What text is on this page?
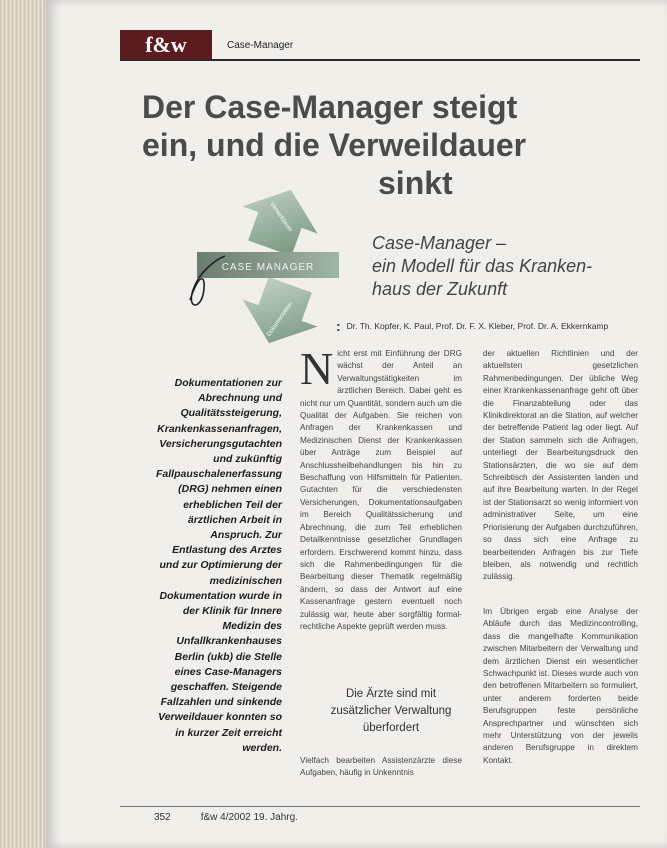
f&w	Case-Manager
Der Case-Manager steigt
ein, und die Verweildauer
sinkt
CASE MANAGER
Verweildauer
Dokumentation
Case-Manager –
ein Modell für das Kranken-
haus der Zukunft
: Dr. Th. Kopfer, K. Paul, Prof. Dr. F. X. Kleber, Prof. Dr. A. Ekkernkamp
Dokumentationen zur Abrechnung und Qualitätssteigerung, Krankenkassenanfragen, Versicherungsgutachten und zukünftig Fallpauschalenerfassung (DRG) nehmen einen erheblichen Teil der ärztlichen Arbeit in Anspruch. Zur Entlastung des Arztes und zur Optimierung der medizinischen Dokumentation wurde in der Klinik für Innere Medizin des Unfallkrankenhauses Berlin (ukb) die Stelle eines Case-Managers geschaffen. Steigende Fallzahlen und sinkende Verweildauer konnten so in kurzer Zeit erreicht werden.
Nicht erst mit Einführung der DRG wächst der Anteil an Verwaltungstätigkeiten im ärztlichen Bereich. Dabei geht es nicht nur um Quantität, sondern auch um die Qualität der Aufgaben. Sie reichen von Anfragen der Krankenkassen und Medizinischen Dienst der Krankenkassen über Anträge zum Beispiel auf Anschlussheilbehandlungen bis hin zu Beschaffung von Hilfsmitteln für Patienten. Gutachten für die verschiedensten Versicherungen, Dokumentationsaufgaben im Bereich Qualitätssicherung und Abrechnung, die zum Teil erheblichen Detailkenntnisse gesetzlicher Grundlagen erfordern. Erschwerend kommt hinzu, dass sich die Rahmenbedingungen für die Bearbeitung dieser Thematik regelmäßig ändern, so dass der Antwort auf eine Kassenanfrage gestern eventuell noch zulässig war, heute aber sorgfältig formal-rechtliche Aspekte geprüft werden muss.
Die Ärzte sind mit
zusätzlicher Verwaltung
überfordert
Vielfach bearbeiten Assistenzärzte diese Aufgaben, häufig in Unkenntnis
der aktuellen Richtlinien und der aktuellsten gesetzlichen Rahmenbedingungen. Der übliche Weg einer Krankenkassenanfrage geht oft über die Finanzabteilung oder das Klinikdirektorat an die Station, auf welcher der betreffende Patient lag oder liegt. Auf der Station sammeln sich die Anfragen, unterliegt der Bearbeitungsdruck den Stationsärzten, die wo sie auf dem Schreibtisch der Assistenten landen und auf ihre Bearbeitung warten. In der Regel ist der Stationsarzt so wenig informiert von administrativer Seite, um eine Priorisierung der Aufgaben durchzuführen, so dass sich eine Anfrage zu bearbeitenden Anfragen bis zur Tiefe bleiben, als notwendig und rechtlich zulässig.
Im Übrigen ergab eine Analyse der Abläufe durch das Medizincontrolling, dass die mangelhafte Kommunikation zwischen Mitarbeitern der Verwaltung und dem ärztlichen Dienst ein wesentlicher Schwachpunkt ist. Dieses wurde auch von den betroffenen Mitarbeitern so formuliert, unter anderem forderten beide Berufsgruppen feste persönliche Ansprechpartner und wünschten sich mehr Unterstützung von der jeweils anderen Berufsgruppe in direktem Kontakt.
352	f&w 4/2002 19. Jahrg.
